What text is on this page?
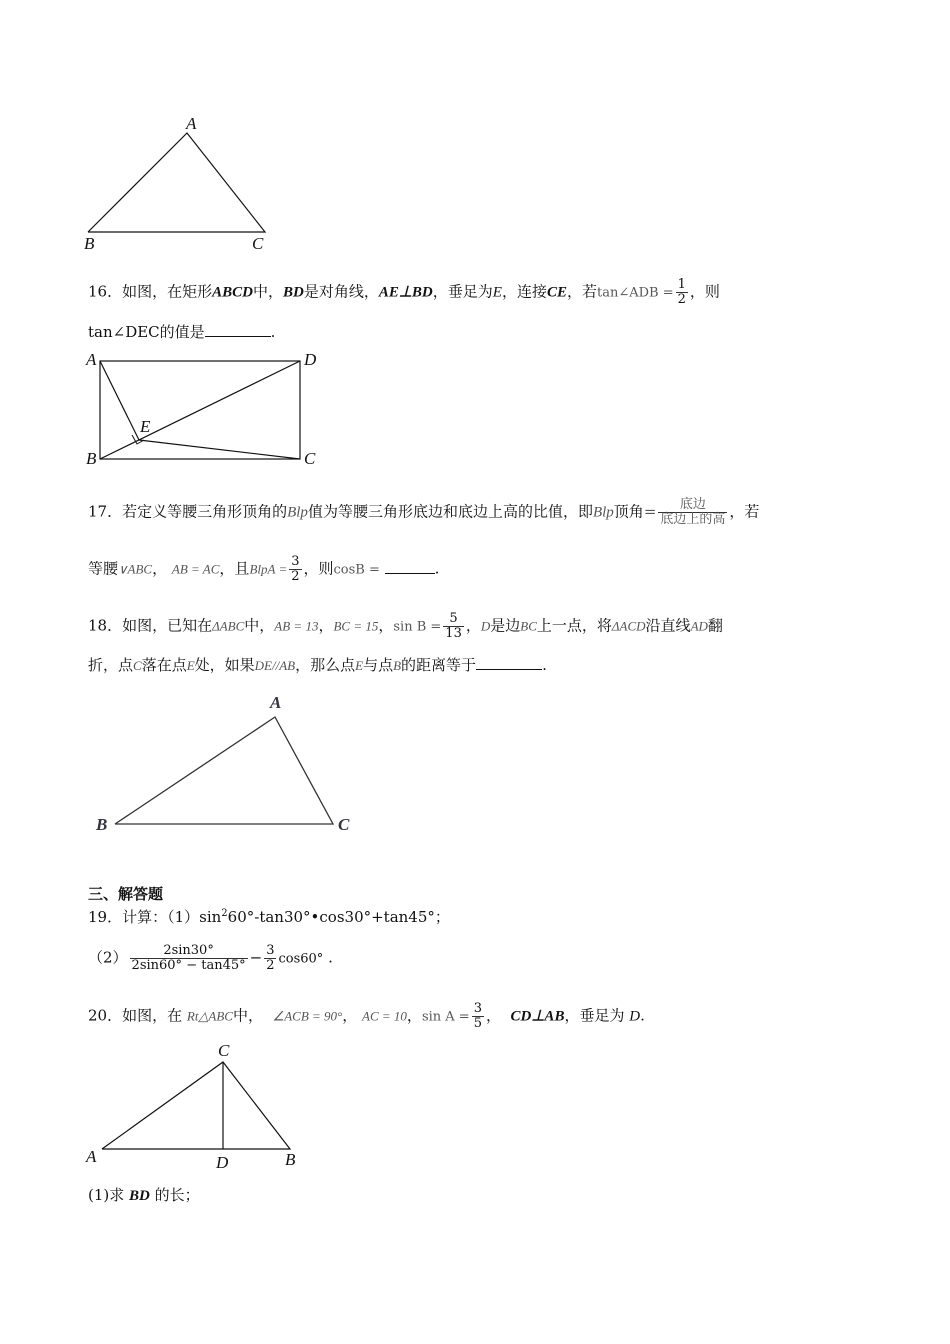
A
B	C
16．如图，在矩形ABCD中，BD是对角线，AE⊥BD，垂足为E，连接CE，若tan∠ADB = $\frac{1}{2}$ ，则
tan∠DEC的值是	.
A	D
B	C
E
17．若定义等腰三角形顶角的Blp值为等腰三角形底边和底边上高的比值，即Blp顶角= $\frac{\text{底边}}{\text{底边上的高}}$ ，若
等腰∨ABC， AB = AC，且BlpA = $\frac{3}{2}$ ，则cosB =	.
18．如图，已知在ΔABC中，AB = 13，BC = 15，$\sin B = \frac{5}{13}$ ，D是边BC上一点，将ΔACD沿直线AD翻
折，点C落在点E处，如果DE//AB，那么点E与点B的距离等于	.
A
B	C
三、解答题
19．计算：$(1)\sin^260^\circ-\tan 30^\circ•\cos 30^\circ+\tan 45^\circ$；
$(2) \frac{2\sin 30^\circ}{2\sin 60^\circ - \tan 45^\circ} - \frac{3}{2} \cos 60^\circ$ .
20．如图，在 Rt△ABC中， ∠ACB = 90°， AC = 10，$\sin A = \frac{3}{5}$ ， CD⊥AB，垂足为 D.
C
A	D	B
(1)求 BD 的长；
